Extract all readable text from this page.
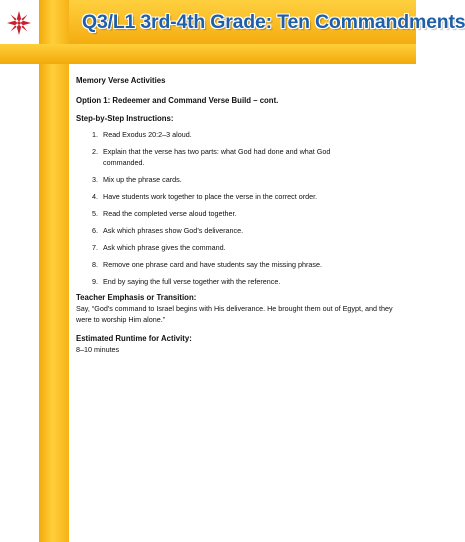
Q3/L1 3rd-4th Grade: Ten Commandments

Memory Verse Activities

Option 1: Redeemer and Command Verse Build – cont.

Step-by-Step Instructions:

1. Read Exodus 20:2–3 aloud.
2. Explain that the verse has two parts: what God had done and what God commanded.
3. Mix up the phrase cards.
4. Have students work together to place the verse in the correct order.
5. Read the completed verse aloud together.
6. Ask which phrases show God’s deliverance.
7. Ask which phrase gives the command.
8. Remove one phrase card and have students say the missing phrase.
9. End by saying the full verse together with the reference.

Teacher Emphasis or Transition:

Say, “God’s command to Israel begins with His deliverance. He brought them out of Egypt, and they were to worship Him alone.”

Estimated Runtime for Activity:

8–10 minutes
